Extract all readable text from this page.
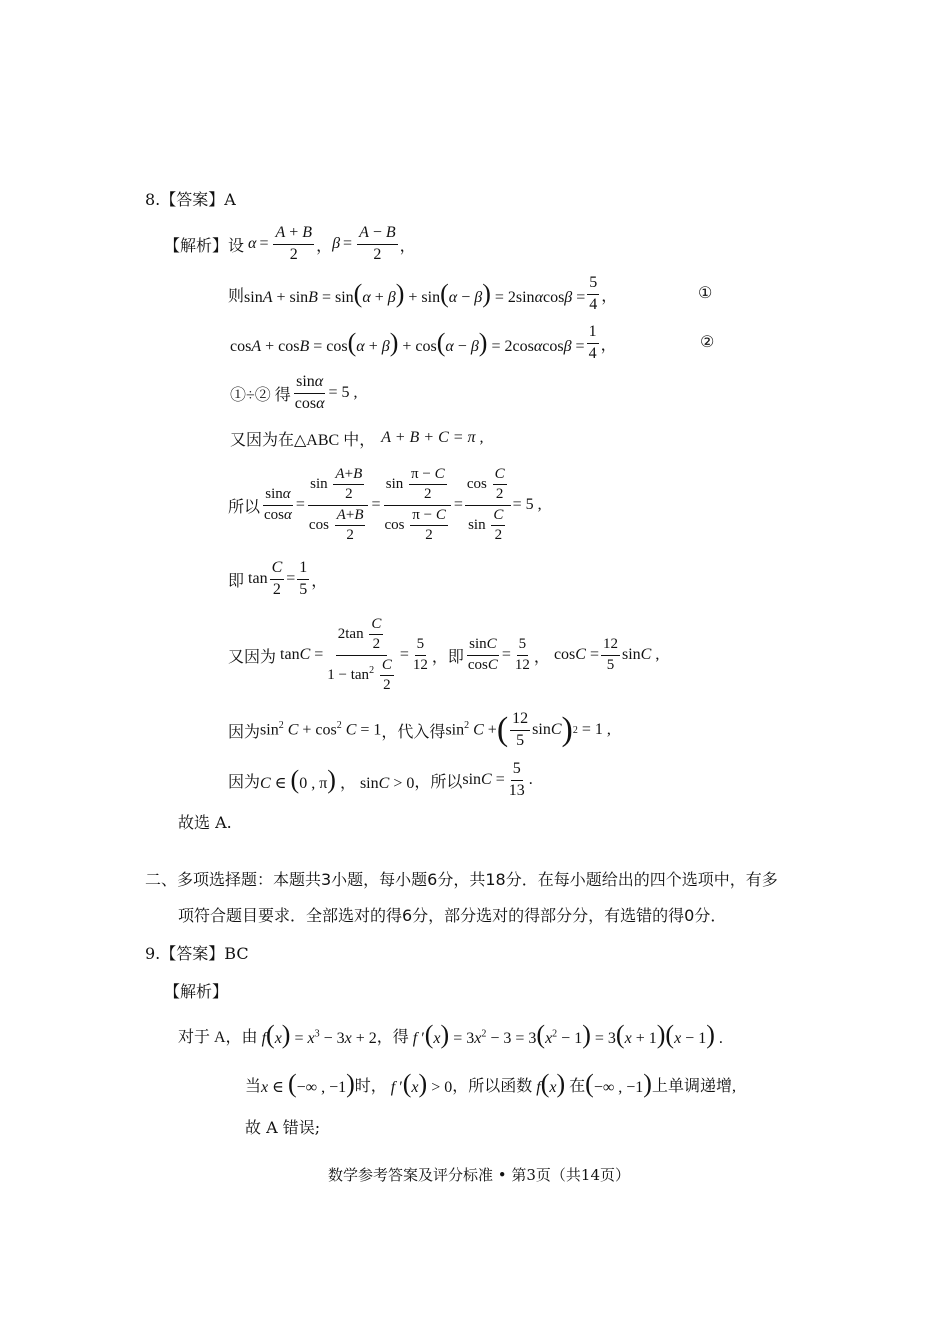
8.【答案】A
【解析】 设 $\alpha = \frac{A + B}{2}$ ， $\beta = \frac{A - B}{2}$ ，
则 $\sin A + \sin B = \sin(\alpha + \beta) + \sin(\alpha - \beta) = 2\sin\alpha\cos\beta = \frac{5}{4}$ ，	①
$\cos A + \cos B = \cos(\alpha + \beta) + \cos(\alpha - \beta) = 2\cos\alpha\cos\beta = \frac{1}{4}$ ，	②
①÷② 得 $\frac{\sin\alpha}{\cos\alpha} = 5$ ,
又因为在△ABC 中， A + B + C = π ,
所以 $\frac{\sin\alpha}{\cos\alpha} = \frac{\sin \frac{A+B}{2}}{\cos \frac{A+B}{2}} = \frac{\sin \frac{\pi - C}{2}}{\cos \frac{\pi - C}{2}} = \frac{\cos \frac{C}{2}}{\sin \frac{C}{2}} = 5$ ,
即 $\tan \frac{C}{2} = \frac{1}{5}$ ，
又因为 $\tan C = \frac{2\tan \frac{C}{2}}{1 - \tan^2 \frac{C}{2}} = \frac{5}{12}$ ，即 $\frac{\sin C}{\cos C} = \frac{5}{12}$ ， $\cos C = \frac{12}{5}$ sinC ,
因为 $\sin^2 C + \cos^2 C = 1$ ，代入得 $\sin^2 C$ + ( $\frac{12}{5}$ sinC ) 2 = 1 ,
因为 C ∈ (0 , π) ， sinC > 0 ，所以 $\sin C = \frac{5}{13}$ .
故选 A.
二、多项选择题：本题共3小题，每小题6分，共18分．在每小题给出的四个选项中，有多
项符合题目要求．全部选对的得6分，部分选对的得部分分，有选错的得0分．
9.【答案】BC
【解析】
对于 A，由 $f(x) = x^3 - 3x + 2$ ，得 f $'(x) = 3x^2 - 3 = 3(x^2 - 1) = 3(x + 1)(x - 1)$ .
当 x ∈ (−∞ , −1) 时， f ′(x) > 0 ，所以函数 f(x) 在 (−∞ , −1) 上单调递增,
故 A 错误;
数学参考答案及评分标准 • 第3页（共14页）
